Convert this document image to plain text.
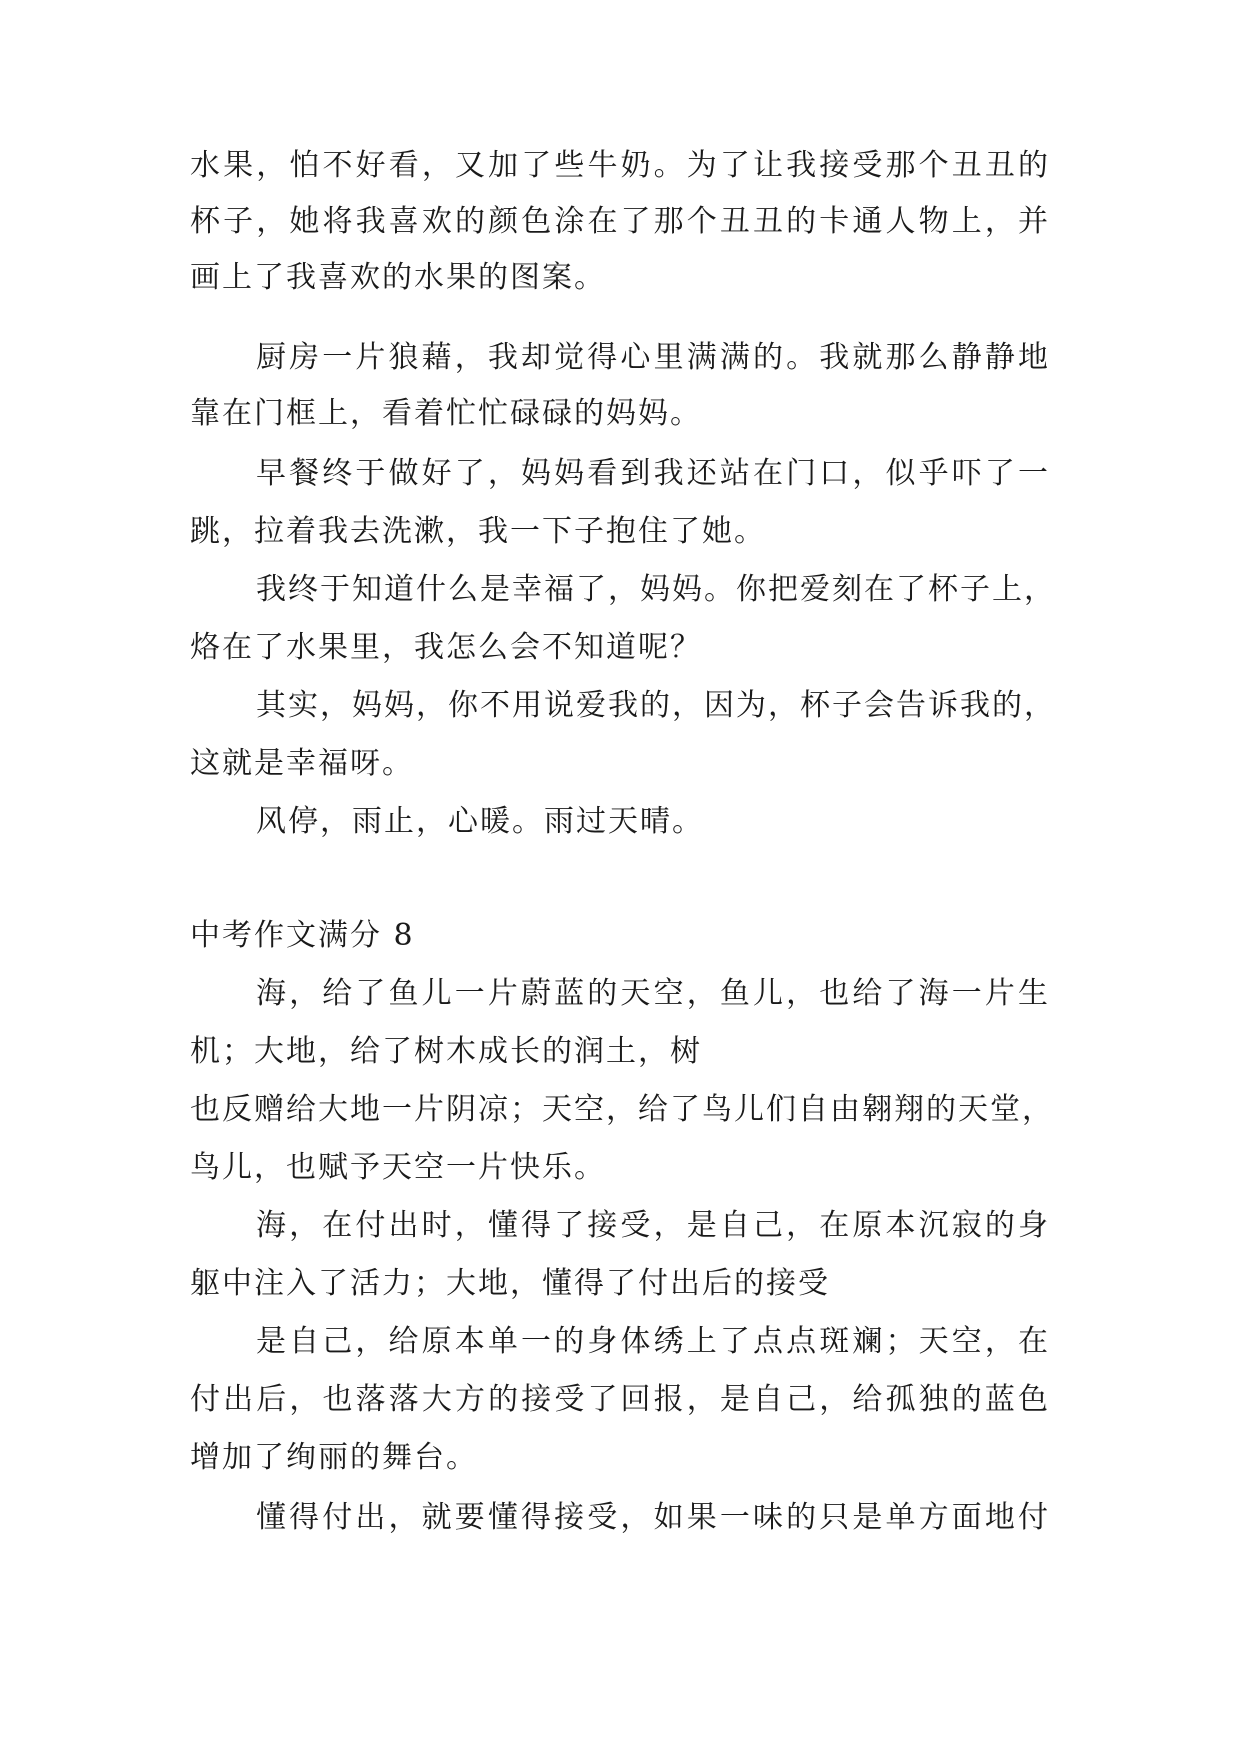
水果，怕不好看，又加了些牛奶。为了让我接受那个丑丑的
杯子，她将我喜欢的颜色涂在了那个丑丑的卡通人物上，并
画上了我喜欢的水果的图案。
厨房一片狼藉，我却觉得心里满满的。我就那么静静地
靠在门框上，看着忙忙碌碌的妈妈。
早餐终于做好了，妈妈看到我还站在门口，似乎吓了一
跳，拉着我去洗漱，我一下子抱住了她。
我终于知道什么是幸福了，妈妈。你把爱刻在了杯子上，
烙在了水果里，我怎么会不知道呢？
其实，妈妈，你不用说爱我的，因为，杯子会告诉我的，
这就是幸福呀。
风停，雨止，心暖。雨过天晴。
中考作文满分 8
海，给了鱼儿一片蔚蓝的天空，鱼儿，也给了海一片生
机；大地，给了树木成长的润土，树
也反赠给大地一片阴凉；天空，给了鸟儿们自由翱翔的天堂，
鸟儿，也赋予天空一片快乐。
海，在付出时，懂得了接受，是自己，在原本沉寂的身
躯中注入了活力；大地，懂得了付出后的接受
是自己，给原本单一的身体绣上了点点斑斓；天空，在
付出后，也落落大方的接受了回报，是自己，给孤独的蓝色
增加了绚丽的舞台。
懂得付出，就要懂得接受，如果一味的只是单方面地付
